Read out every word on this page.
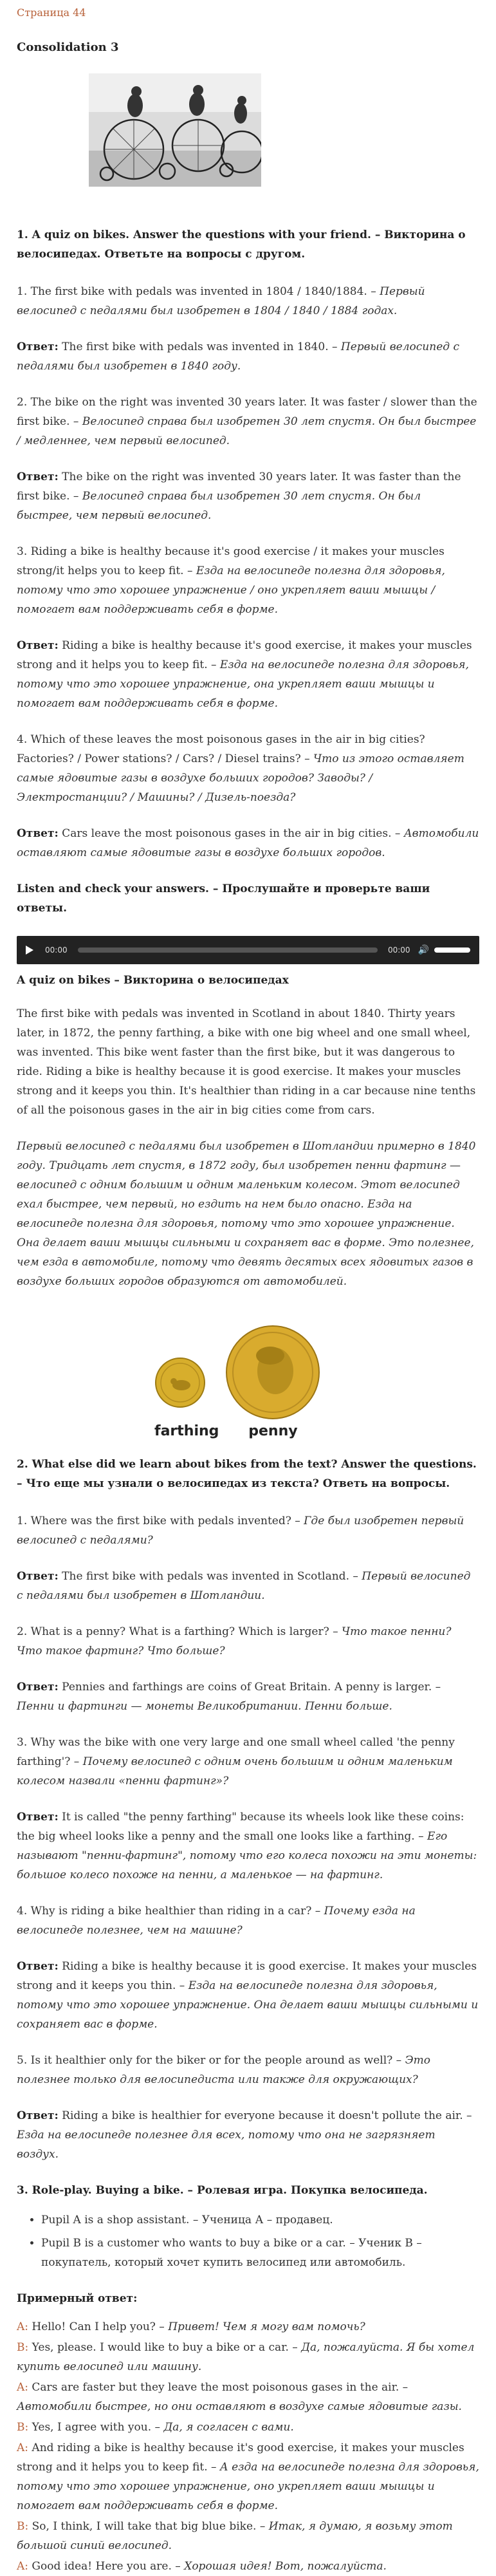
Страница 44
Consolidation 3
1. A quiz on bikes. Answer the questions with your friend. – Викторина о велосипедах. Ответьте на вопросы с другом.

1. The first bike with pedals was invented in 1804 / 1840/1884. – Первый велосипед с педалями был изобретен в 1804 / 1840 / 1884 годах.

Ответ: The first bike with pedals was invented in 1840. – Первый велосипед с педалями был изобретен в 1840 году.

2. The bike on the right was invented 30 years later. It was faster / slower than the first bike. – Велосипед справа был изобретен 30 лет спустя. Он был быстрее / медленнее, чем первый велосипед.

Ответ: The bike on the right was invented 30 years later. It was faster than the first bike. – Велосипед справа был изобретен 30 лет спустя. Он был быстрее, чем первый велосипед.

3. Riding a bike is healthy because it's good exercise / it makes your muscles strong/it helps you to keep fit. – Езда на велосипеде полезна для здоровья, потому что это хорошее упражнение / оно укрепляет ваши мышцы / помогает вам поддерживать себя в форме.

Ответ: Riding a bike is healthy because it's good exercise, it makes your muscles strong and it helps you to keep fit. – Езда на велосипеде полезна для здоровья, потому что это хорошее упражнение, она укрепляет ваши мышцы и помогает вам поддерживать себя в форме.

4. Which of these leaves the most poisonous gases in the air in big cities? Factories? / Power stations? / Cars? / Diesel trains? – Что из этого оставляет самые ядовитые газы в воздухе больших городов? Заводы? / Электростанции? / Машины? / Дизель-поезда?

Ответ: Cars leave the most poisonous gases in the air in big cities. – Автомобили оставляют самые ядовитые газы в воздухе больших городов.

Listen and check your answers. – Прослушайте и проверьте ваши ответы.
00:00	00:00 🔊
A quiz on bikes – Викторина о велосипедах

The first bike with pedals was invented in Scotland in about 1840. Thirty years later, in 1872, the penny farthing, a bike with one big wheel and one small wheel, was invented. This bike went faster than the first bike, but it was dangerous to ride. Riding a bike is healthy because it is good exercise. It makes your muscles strong and it keeps you thin. It's healthier than riding in a car because nine tenths of all the poisonous gases in the air in big cities come from cars.

Первый велосипед с педалями был изобретен в Шотландии примерно в 1840 году. Тридцать лет спустя, в 1872 году, был изобретен пенни фартинг — велосипед с одним большим и одним маленьким колесом. Этот велосипед ехал быстрее, чем первый, но ездить на нем было опасно. Езда на велосипеде полезна для здоровья, потому что это хорошее упражнение. Она делает ваши мышцы сильными и сохраняет вас в форме. Это полезнее, чем езда в автомобиле, потому что девять десятых всех ядовитых газов в воздухе больших городов образуются от автомобилей.

farthing	penny
2. What else did we learn about bikes from the text? Answer the questions. – Что еще мы узнали о велосипедах из текста? Ответь на вопросы.

1. Where was the first bike with pedals invented? – Где был изобретен первый велосипед с педалями?

Ответ: The first bike with pedals was invented in Scotland. – Первый велосипед с педалями был изобретен в Шотландии.

2. What is a penny? What is a farthing? Which is larger? – Что такое пенни? Что такое фартинг? Что больше?

Ответ: Pennies and farthings are coins of Great Britain. A penny is larger. – Пенни и фартинги — монеты Великобритании. Пенни больше.

3. Why was the bike with one very large and one small wheel called 'the penny farthing'? – Почему велосипед с одним очень большим и одним маленьким колесом назвали «пенни фартинг»?

Ответ: It is called "the penny farthing" because its wheels look like these coins: the big wheel looks like a penny and the small one looks like a farthing. – Его называют "пенни-фартинг", потому что его колеса похожи на эти монеты: большое колесо похоже на пенни, а маленькое — на фартинг.

4. Why is riding a bike healthier than riding in a car? – Почему езда на велосипеде полезнее, чем на машине?

Ответ: Riding a bike is healthy because it is good exercise. It makes your muscles strong and it keeps you thin. – Езда на велосипеде полезна для здоровья, потому что это хорошее упражнение. Она делает ваши мышцы сильными и сохраняет вас в форме.

5. Is it healthier only for the biker or for the people around as well? – Это полезнее только для велосипедиста или также для окружающих?

Ответ: Riding a bike is healthier for everyone because it doesn't pollute the air. – Езда на велосипеде полезнее для всех, потому что она не загрязняет воздух.

3. Role-play. Buying a bike. – Ролевая игра. Покупка велосипеда.
• Pupil A is a shop assistant. – Ученица А – продавец.
• Pupil B is a customer who wants to buy a bike or a car. – Ученик В – покупатель, который хочет купить велосипед или автомобиль.
Примерный ответ:
A: Hello! Can I help you? – Привет! Чем я могу вам помочь?
B: Yes, please. I would like to buy a bike or a car. – Да, пожалуйста. Я бы хотел купить велосипед или машину.
A: Cars are faster but they leave the most poisonous gases in the air. – Автомобили быстрее, но они оставляют в воздухе самые ядовитые газы.
B: Yes, I agree with you. – Да, я согласен с вами.
A: And riding a bike is healthy because it's good exercise, it makes your muscles strong and it helps you to keep fit. – А езда на велосипеде полезна для здоровья, потому что это хорошее упражнение, оно укрепляет ваши мышцы и помогает вам поддерживать себя в форме.
B: So, I think, I will take that big blue bike. – Итак, я думаю, я возьму этот большой синий велосипед.
A: Good idea! Here you are. – Хорошая идея! Вот, пожалуйста.
